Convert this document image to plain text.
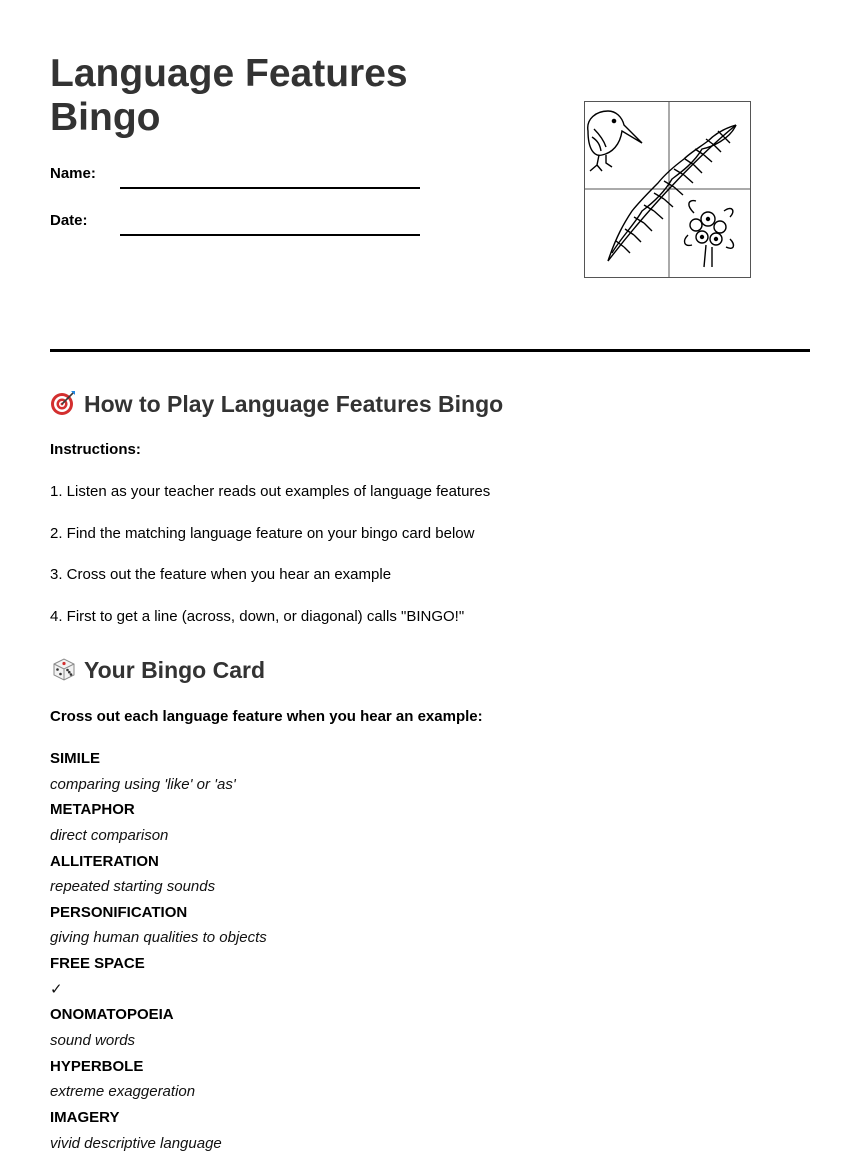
Language Features
Bingo
Name:
Date:
How to Play Language Features Bingo
Instructions:
1. Listen as your teacher reads out examples of language features
2. Find the matching language feature on your bingo card below
3. Cross out the feature when you hear an example
4. First to get a line (across, down, or diagonal) calls "BINGO!"
Your Bingo Card
Cross out each language feature when you hear an example:
SIMILE
comparing using 'like' or 'as'
METAPHOR
direct comparison
ALLITERATION
repeated starting sounds
PERSONIFICATION
giving human qualities to objects
FREE SPACE
✓
ONOMATOPOEIA
sound words
HYPERBOLE
extreme exaggeration
IMAGERY
vivid descriptive language
